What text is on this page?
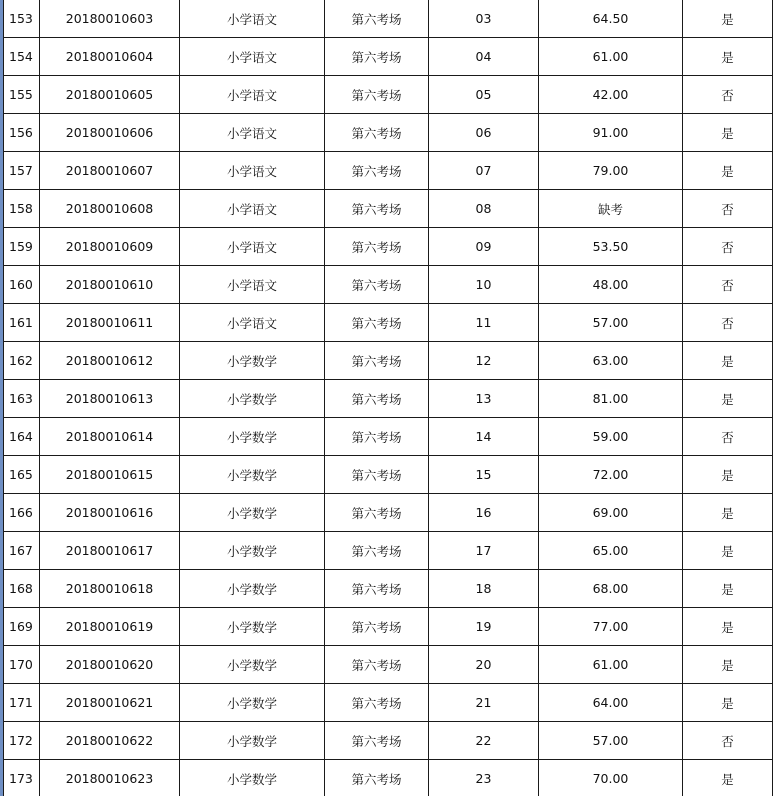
153	20180010603	小学语文	第六考场	03	64.50	是
154	20180010604	小学语文	第六考场	04	61.00	是
155	20180010605	小学语文	第六考场	05	42.00	否
156	20180010606	小学语文	第六考场	06	91.00	是
157	20180010607	小学语文	第六考场	07	79.00	是
158	20180010608	小学语文	第六考场	08	缺考	否
159	20180010609	小学语文	第六考场	09	53.50	否
160	20180010610	小学语文	第六考场	10	48.00	否
161	20180010611	小学语文	第六考场	11	57.00	否
162	20180010612	小学数学	第六考场	12	63.00	是
163	20180010613	小学数学	第六考场	13	81.00	是
164	20180010614	小学数学	第六考场	14	59.00	否
165	20180010615	小学数学	第六考场	15	72.00	是
166	20180010616	小学数学	第六考场	16	69.00	是
167	20180010617	小学数学	第六考场	17	65.00	是
168	20180010618	小学数学	第六考场	18	68.00	是
169	20180010619	小学数学	第六考场	19	77.00	是
170	20180010620	小学数学	第六考场	20	61.00	是
171	20180010621	小学数学	第六考场	21	64.00	是
172	20180010622	小学数学	第六考场	22	57.00	否
173	20180010623	小学数学	第六考场	23	70.00	是
